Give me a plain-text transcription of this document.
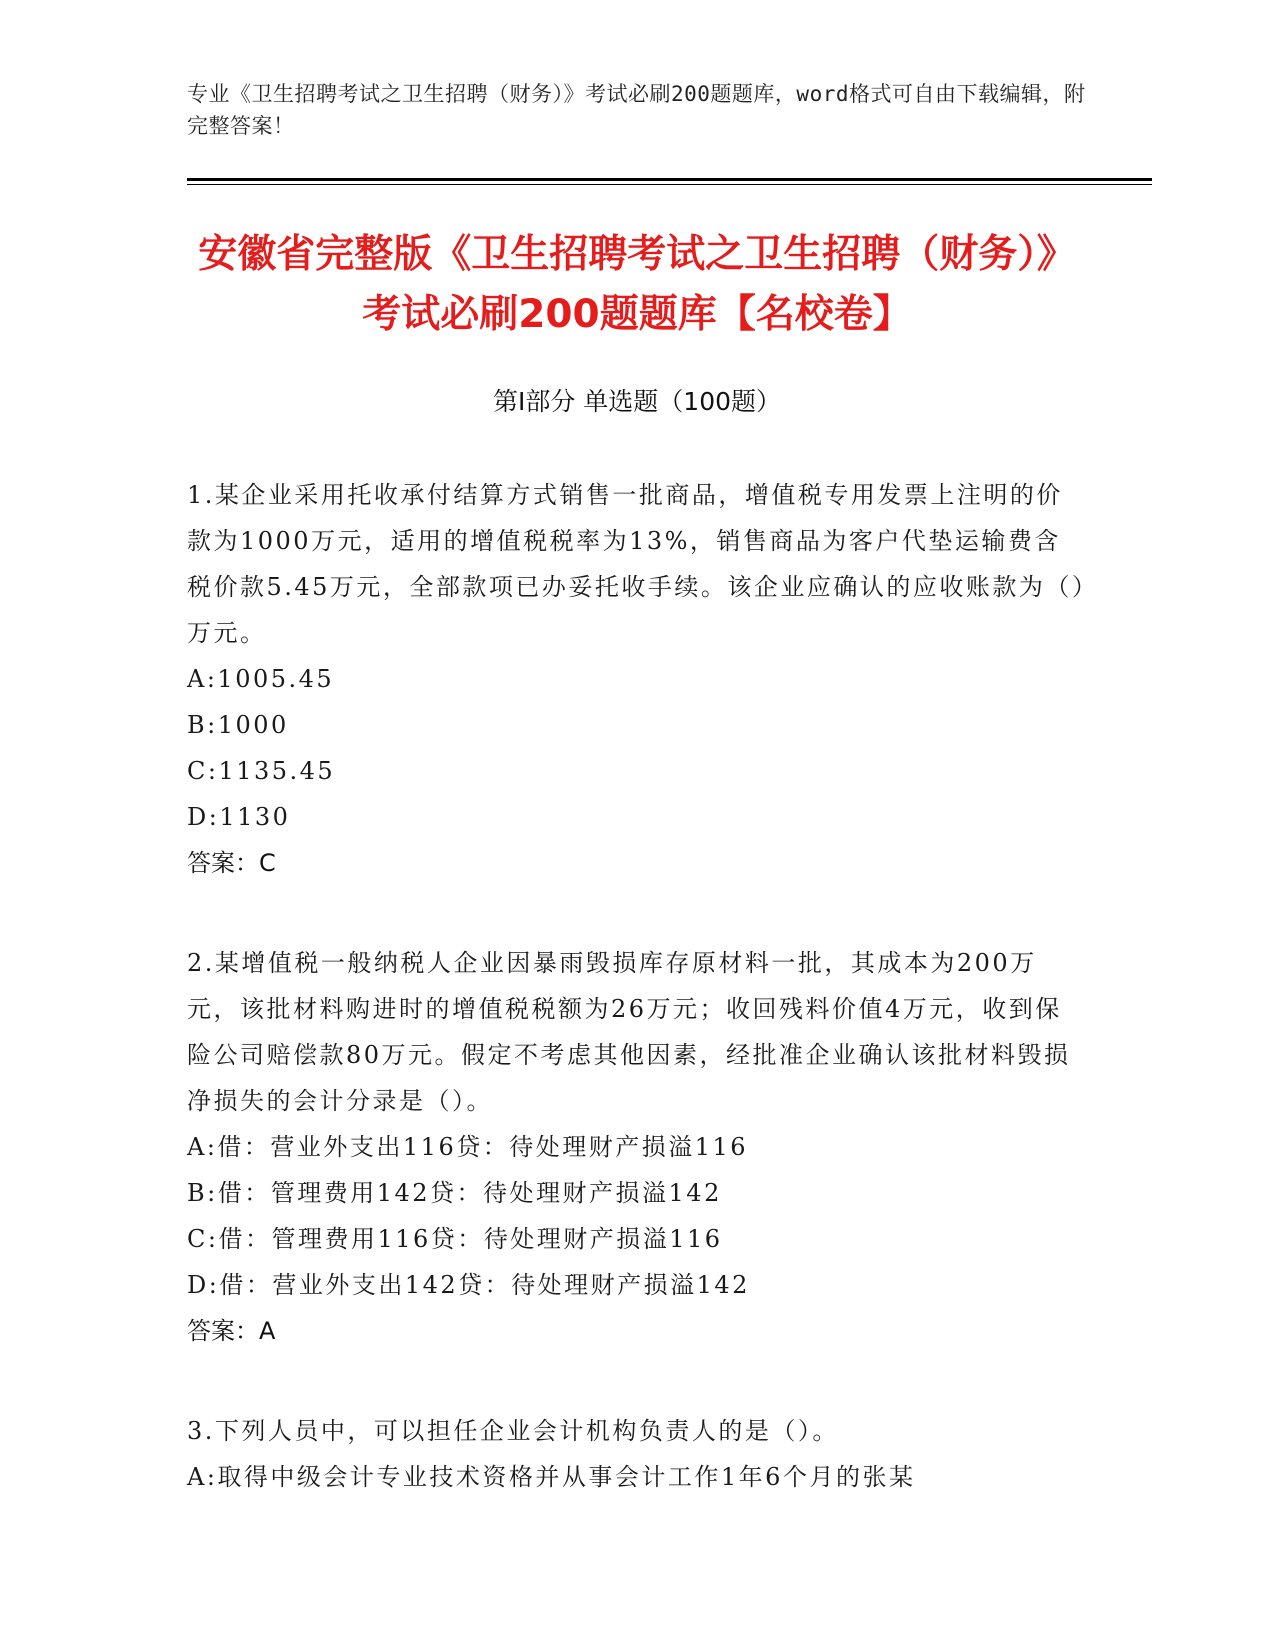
专业《卫生招聘考试之卫生招聘（财务）》考试必刷200题题库，word格式可自由下载编辑，附完整答案！
安徽省完整版《卫生招聘考试之卫生招聘（财务）》考试必刷200题题库【名校卷】
第I部分 单选题（100题）
1.某企业采用托收承付结算方式销售一批商品，增值税专用发票上注明的价款为1000万元，适用的增值税税率为13%，销售商品为客户代垫运输费含税价款5.45万元，全部款项已办妥托收手续。该企业应确认的应收账款为（）万元。
A:1005.45
B:1000
C:1135.45
D:1130
答案：C
2.某增值税一般纳税人企业因暴雨毁损库存原材料一批，其成本为200万元，该批材料购进时的增值税税额为26万元；收回残料价值4万元，收到保险公司赔偿款80万元。假定不考虑其他因素，经批准企业确认该批材料毁损净损失的会计分录是（）。
A:借：营业外支出116贷：待处理财产损溢116
B:借：管理费用142贷：待处理财产损溢142
C:借：管理费用116贷：待处理财产损溢116
D:借：营业外支出142贷：待处理财产损溢142
答案：A
3.下列人员中，可以担任企业会计机构负责人的是（）。
A:取得中级会计专业技术资格并从事会计工作1年6个月的张某
